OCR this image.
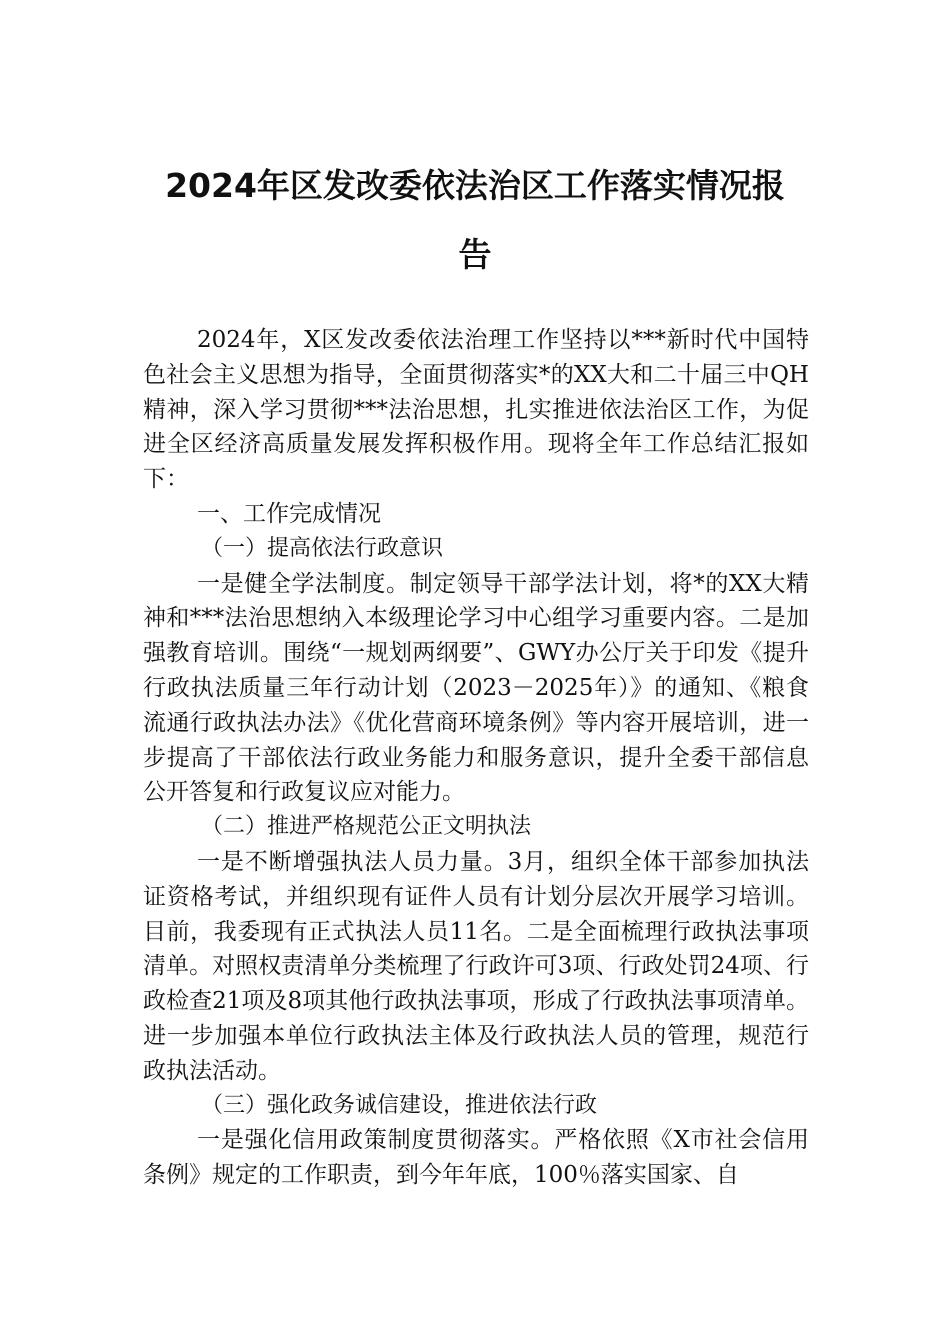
2024年区发改委依法治区工作落实情况报
告

2024年，X区发改委依法治理工作坚持以***新时代中国特色社会主义思想为指导，全面贯彻落实*的XX大和二十届三中QH精神，深入学习贯彻***法治思想，扎实推进依法治区工作，为促进全区经济高质量发展发挥积极作用。现将全年工作总结汇报如下：

一、工作完成情况

（一）提高依法行政意识

一是健全学法制度。制定领导干部学法计划，将*的XX大精神和***法治思想纳入本级理论学习中心组学习重要内容。二是加强教育培训。围绕“一规划两纲要”、GWY办公厅关于印发《提升行政执法质量三年行动计划（2023－2025年）》的通知、《粮食流通行政执法办法》《优化营商环境条例》等内容开展培训，进一步提高了干部依法行政业务能力和服务意识，提升全委干部信息公开答复和行政复议应对能力。

（二）推进严格规范公正文明执法

一是不断增强执法人员力量。3月，组织全体干部参加执法证资格考试，并组织现有证件人员有计划分层次开展学习培训。目前，我委现有正式执法人员11名。二是全面梳理行政执法事项清单。对照权责清单分类梳理了行政许可3项、行政处罚24项、行政检查21项及8项其他行政执法事项，形成了行政执法事项清单。进一步加强本单位行政执法主体及行政执法人员的管理，规范行政执法活动。

（三）强化政务诚信建设，推进依法行政

一是强化信用政策制度贯彻落实。严格依照《X市社会信用条例》规定的工作职责，到今年年底，100％落实国家、自
